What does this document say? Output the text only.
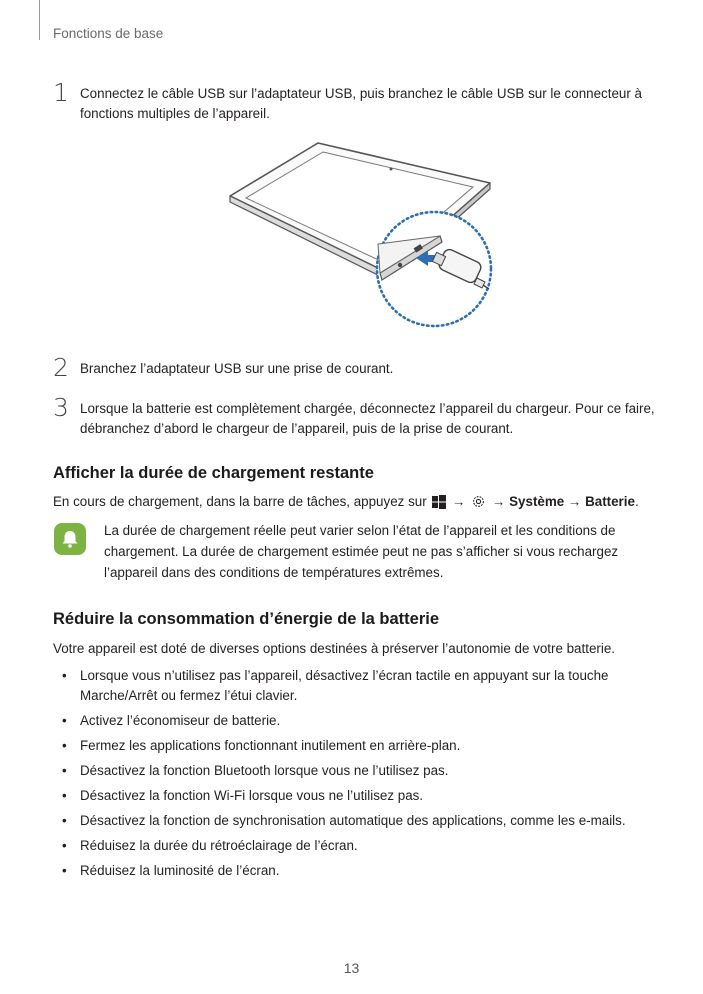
Fonctions de base
1 Connectez le câble USB sur l’adaptateur USB, puis branchez le câble USB sur le connecteur à fonctions multiples de l’appareil.
2 Branchez l’adaptateur USB sur une prise de courant.
3 Lorsque la batterie est complètement chargée, déconnectez l’appareil du chargeur. Pour ce faire, débranchez d’abord le chargeur de l’appareil, puis de la prise de courant.
Afficher la durée de chargement restante
En cours de chargement, dans la barre de tâches, appuyez sur → → Système → Batterie.
La durée de chargement réelle peut varier selon l’état de l’appareil et les conditions de chargement. La durée de chargement estimée peut ne pas s’afficher si vous rechargez l’appareil dans des conditions de températures extrêmes.
Réduire la consommation d’énergie de la batterie
Votre appareil est doté de diverses options destinées à préserver l’autonomie de votre batterie.
• Lorsque vous n’utilisez pas l’appareil, désactivez l’écran tactile en appuyant sur la touche Marche/Arrêt ou fermez l’étui clavier.
• Activez l’économiseur de batterie.
• Fermez les applications fonctionnant inutilement en arrière-plan.
• Désactivez la fonction Bluetooth lorsque vous ne l’utilisez pas.
• Désactivez la fonction Wi-Fi lorsque vous ne l’utilisez pas.
• Désactivez la fonction de synchronisation automatique des applications, comme les e-mails.
• Réduisez la durée du rétroéclairage de l’écran.
• Réduisez la luminosité de l’écran.
13
